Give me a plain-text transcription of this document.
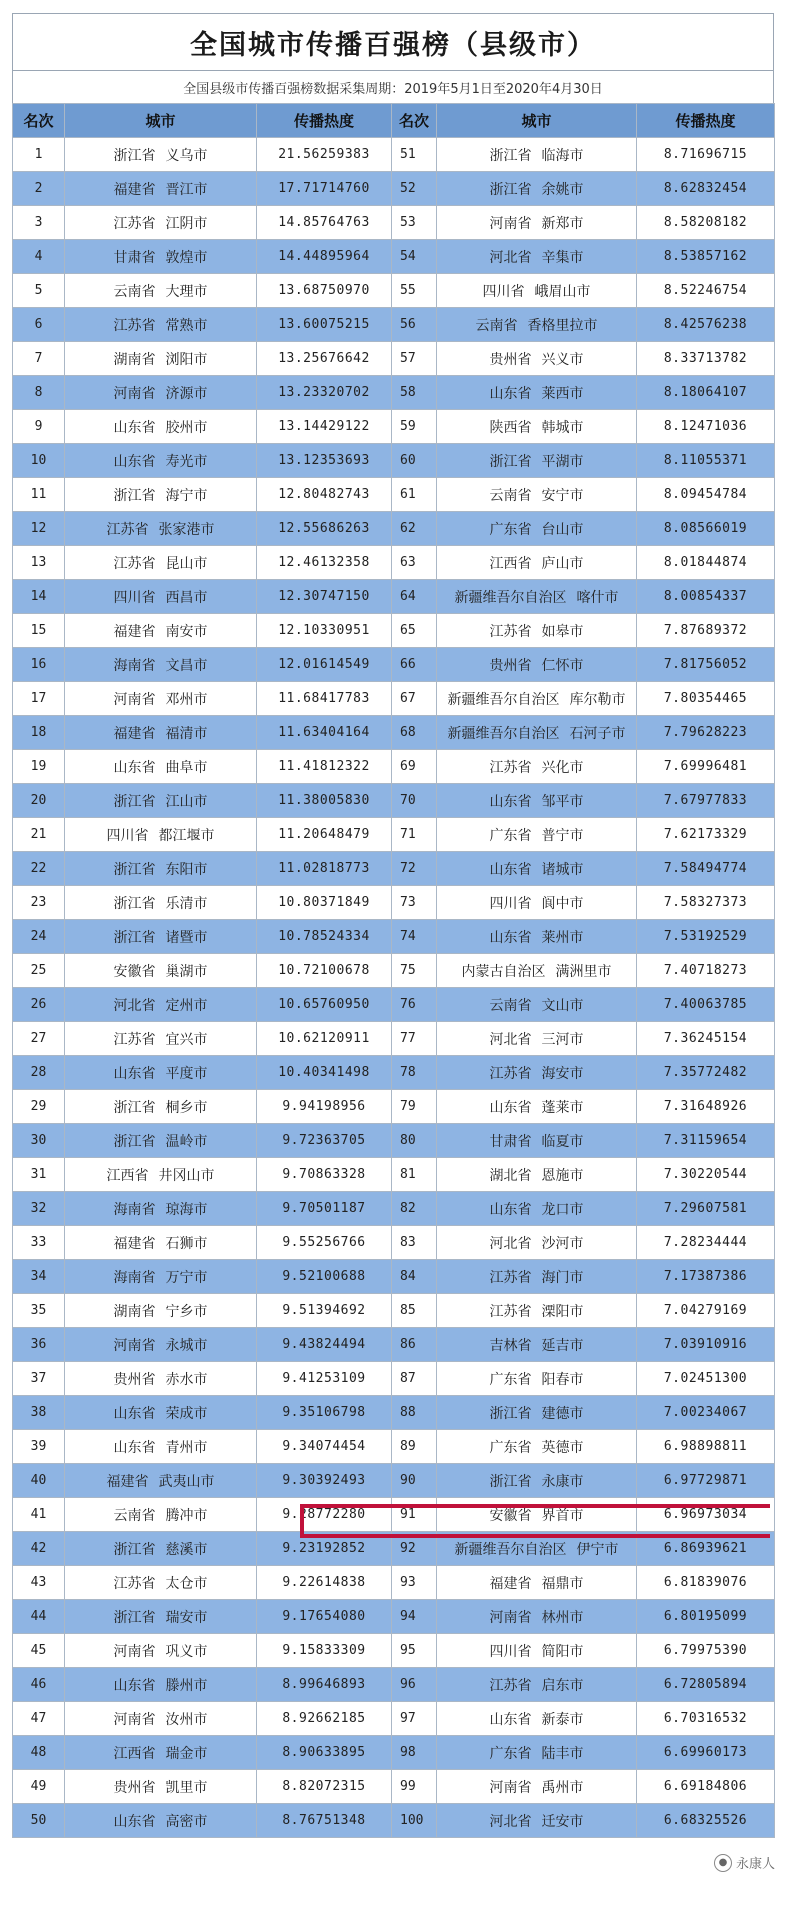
全国城市传播百强榜（县级市）
全国县级市传播百强榜数据采集周期：2019年5月1日至2020年4月30日
名次	城市	传播热度	名次	城市	传播热度
1	浙江省 义乌市	21.56259383	51	浙江省 临海市	8.71696715
2	福建省 晋江市	17.71714760	52	浙江省 余姚市	8.62832454
3	江苏省 江阴市	14.85764763	53	河南省 新郑市	8.58208182
4	甘肃省 敦煌市	14.44895964	54	河北省 辛集市	8.53857162
5	云南省 大理市	13.68750970	55	四川省 峨眉山市	8.52246754
6	江苏省 常熟市	13.60075215	56	云南省 香格里拉市	8.42576238
7	湖南省 浏阳市	13.25676642	57	贵州省 兴义市	8.33713782
8	河南省 济源市	13.23320702	58	山东省 莱西市	8.18064107
9	山东省 胶州市	13.14429122	59	陕西省 韩城市	8.12471036
10	山东省 寿光市	13.12353693	60	浙江省 平湖市	8.11055371
11	浙江省 海宁市	12.80482743	61	云南省 安宁市	8.09454784
12	江苏省 张家港市	12.55686263	62	广东省 台山市	8.08566019
13	江苏省 昆山市	12.46132358	63	江西省 庐山市	8.01844874
14	四川省 西昌市	12.30747150	64	新疆维吾尔自治区 喀什市	8.00854337
15	福建省 南安市	12.10330951	65	江苏省 如皋市	7.87689372
16	海南省 文昌市	12.01614549	66	贵州省 仁怀市	7.81756052
17	河南省 邓州市	11.68417783	67	新疆维吾尔自治区 库尔勒市	7.80354465
18	福建省 福清市	11.63404164	68	新疆维吾尔自治区 石河子市	7.79628223
19	山东省 曲阜市	11.41812322	69	江苏省 兴化市	7.69996481
20	浙江省 江山市	11.38005830	70	山东省 邹平市	7.67977833
21	四川省 都江堰市	11.20648479	71	广东省 普宁市	7.62173329
22	浙江省 东阳市	11.02818773	72	山东省 诸城市	7.58494774
23	浙江省 乐清市	10.80371849	73	四川省 阆中市	7.58327373
24	浙江省 诸暨市	10.78524334	74	山东省 莱州市	7.53192529
25	安徽省 巢湖市	10.72100678	75	内蒙古自治区 满洲里市	7.40718273
26	河北省 定州市	10.65760950	76	云南省 文山市	7.40063785
27	江苏省 宜兴市	10.62120911	77	河北省 三河市	7.36245154
28	山东省 平度市	10.40341498	78	江苏省 海安市	7.35772482
29	浙江省 桐乡市	9.94198956	79	山东省 蓬莱市	7.31648926
30	浙江省 温岭市	9.72363705	80	甘肃省 临夏市	7.31159654
31	江西省 井冈山市	9.70863328	81	湖北省 恩施市	7.30220544
32	海南省 琼海市	9.70501187	82	山东省 龙口市	7.29607581
33	福建省 石狮市	9.55256766	83	河北省 沙河市	7.28234444
34	海南省 万宁市	9.52100688	84	江苏省 海门市	7.17387386
35	湖南省 宁乡市	9.51394692	85	江苏省 溧阳市	7.04279169
36	河南省 永城市	9.43824494	86	吉林省 延吉市	7.03910916
37	贵州省 赤水市	9.41253109	87	广东省 阳春市	7.02451300
38	山东省 荣成市	9.35106798	88	浙江省 建德市	7.00234067
39	山东省 青州市	9.34074454	89	广东省 英德市	6.98898811
40	福建省 武夷山市	9.30392493	90	浙江省 永康市	6.97729871
41	云南省 腾冲市	9.28772280	91	安徽省 界首市	6.96973034
42	浙江省 慈溪市	9.23192852	92	新疆维吾尔自治区 伊宁市	6.86939621
43	江苏省 太仓市	9.22614838	93	福建省 福鼎市	6.81839076
44	浙江省 瑞安市	9.17654080	94	河南省 林州市	6.80195099
45	河南省 巩义市	9.15833309	95	四川省 简阳市	6.79975390
46	山东省 滕州市	8.99646893	96	江苏省 启东市	6.72805894
47	河南省 汝州市	8.92662185	97	山东省 新泰市	6.70316532
48	江西省 瑞金市	8.90633895	98	广东省 陆丰市	6.69960173
49	贵州省 凯里市	8.82072315	99	河南省 禹州市	6.69184806
50	山东省 高密市	8.76751348	100	河北省 迁安市	6.68325526
● 永康人
